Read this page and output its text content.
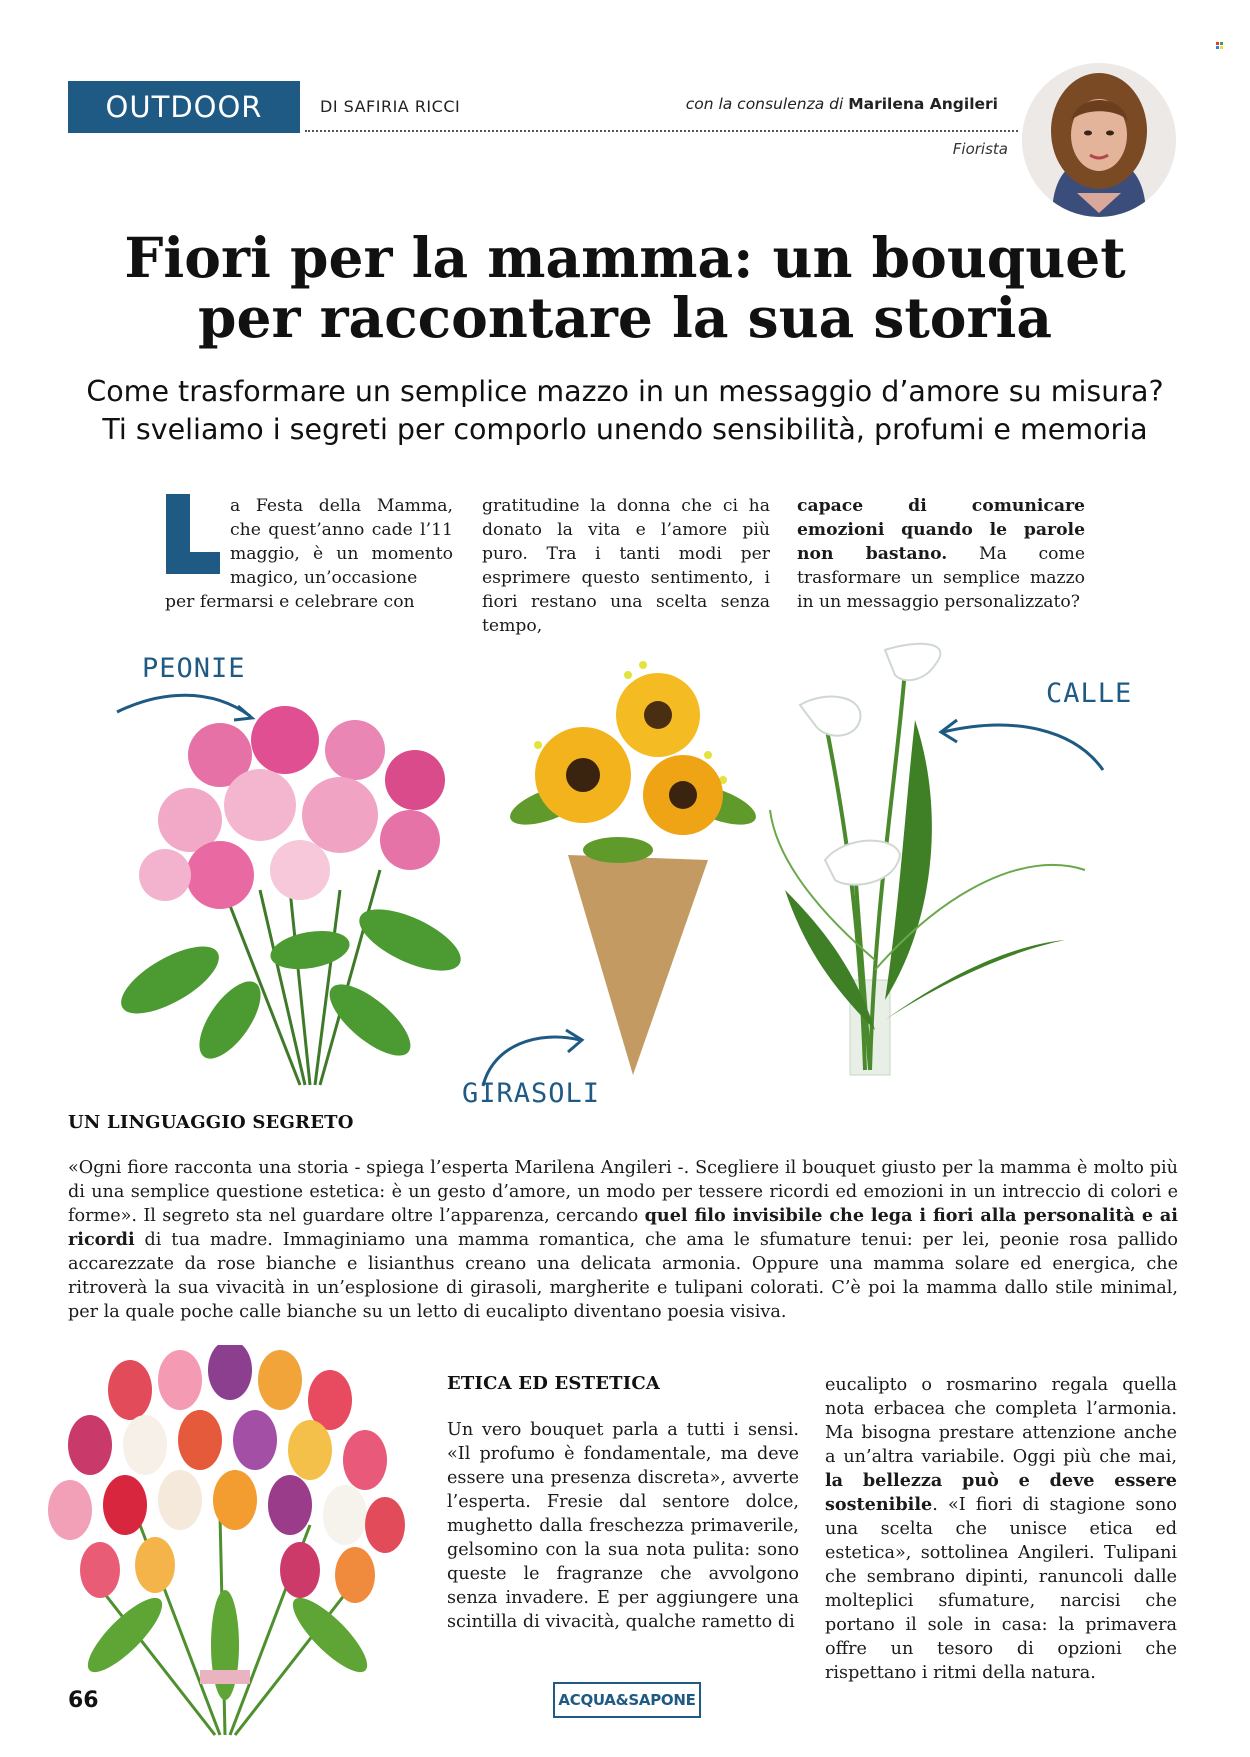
OUTDOOR	DI SAFIRIA RICCI	con la consulenza di Marilena Angileri
Fiorista
Fiori per la mamma: un bouquet
per raccontare la sua storia
Come trasformare un semplice mazzo in un messaggio d’amore su misura?
Ti sveliamo i segreti per comporlo unendo sensibilità, profumi e memoria
L
a Festa della Mamma, che quest’anno cade l’11 maggio, è un momento magico, un’occasione
per fermarsi e celebrare con
gratitudine la donna che ci ha donato la vita e l’amore più puro. Tra i tanti modi per esprimere questo sentimento, i fiori restano una scelta senza tempo,
capace di comunicare emozioni quando le parole non bastano. Ma come trasformare un semplice mazzo in un messaggio personalizzato?
PEONIE
GIRASOLI
CALLE
UN LINGUAGGIO SEGRETO
«Ogni fiore racconta una storia - spiega l’esperta Marilena Angileri -. Scegliere il bouquet giusto per la mamma è molto più di una semplice questione estetica: è un gesto d’amore, un modo per tessere ricordi ed emozioni in un intreccio di colori e forme». Il segreto sta nel guardare oltre l’apparenza, cercando quel filo invisibile che lega i fiori alla personalità e ai ricordi di tua madre. Immaginiamo una mamma romantica, che ama le sfumature tenui: per lei, peonie rosa pallido accarezzate da rose bianche e lisianthus creano una delicata armonia. Oppure una mamma solare ed energica, che ritroverà la sua vivacità in un’esplosione di girasoli, margherite e tulipani colorati. C’è poi la mamma dallo stile minimal, per la quale poche calle bianche su un letto di eucalipto diventano poesia visiva.
ETICA ED ESTETICA
Un vero bouquet parla a tutti i sensi. «Il profumo è fondamentale, ma deve essere una presenza discreta», avverte l’esperta. Fresie dal sentore dolce, mughetto dalla freschezza primaverile, gelsomino con la sua nota pulita: sono queste le fragranze che avvolgono senza invadere. E per aggiungere una scintilla di vivacità, qualche rametto di
eucalipto o rosmarino regala quella nota erbacea che completa l’armonia. Ma bisogna prestare attenzione anche a un’altra variabile. Oggi più che mai, la bellezza può e deve essere sostenibile. «I fiori di stagione sono una scelta che unisce etica ed estetica», sottolinea Angileri. Tulipani che sembrano dipinti, ranuncoli dalle molteplici sfumature, narcisi che portano il sole in casa: la primavera offre un tesoro di opzioni che rispettano i ritmi della natura.
66	ACQUA&SAPONE
